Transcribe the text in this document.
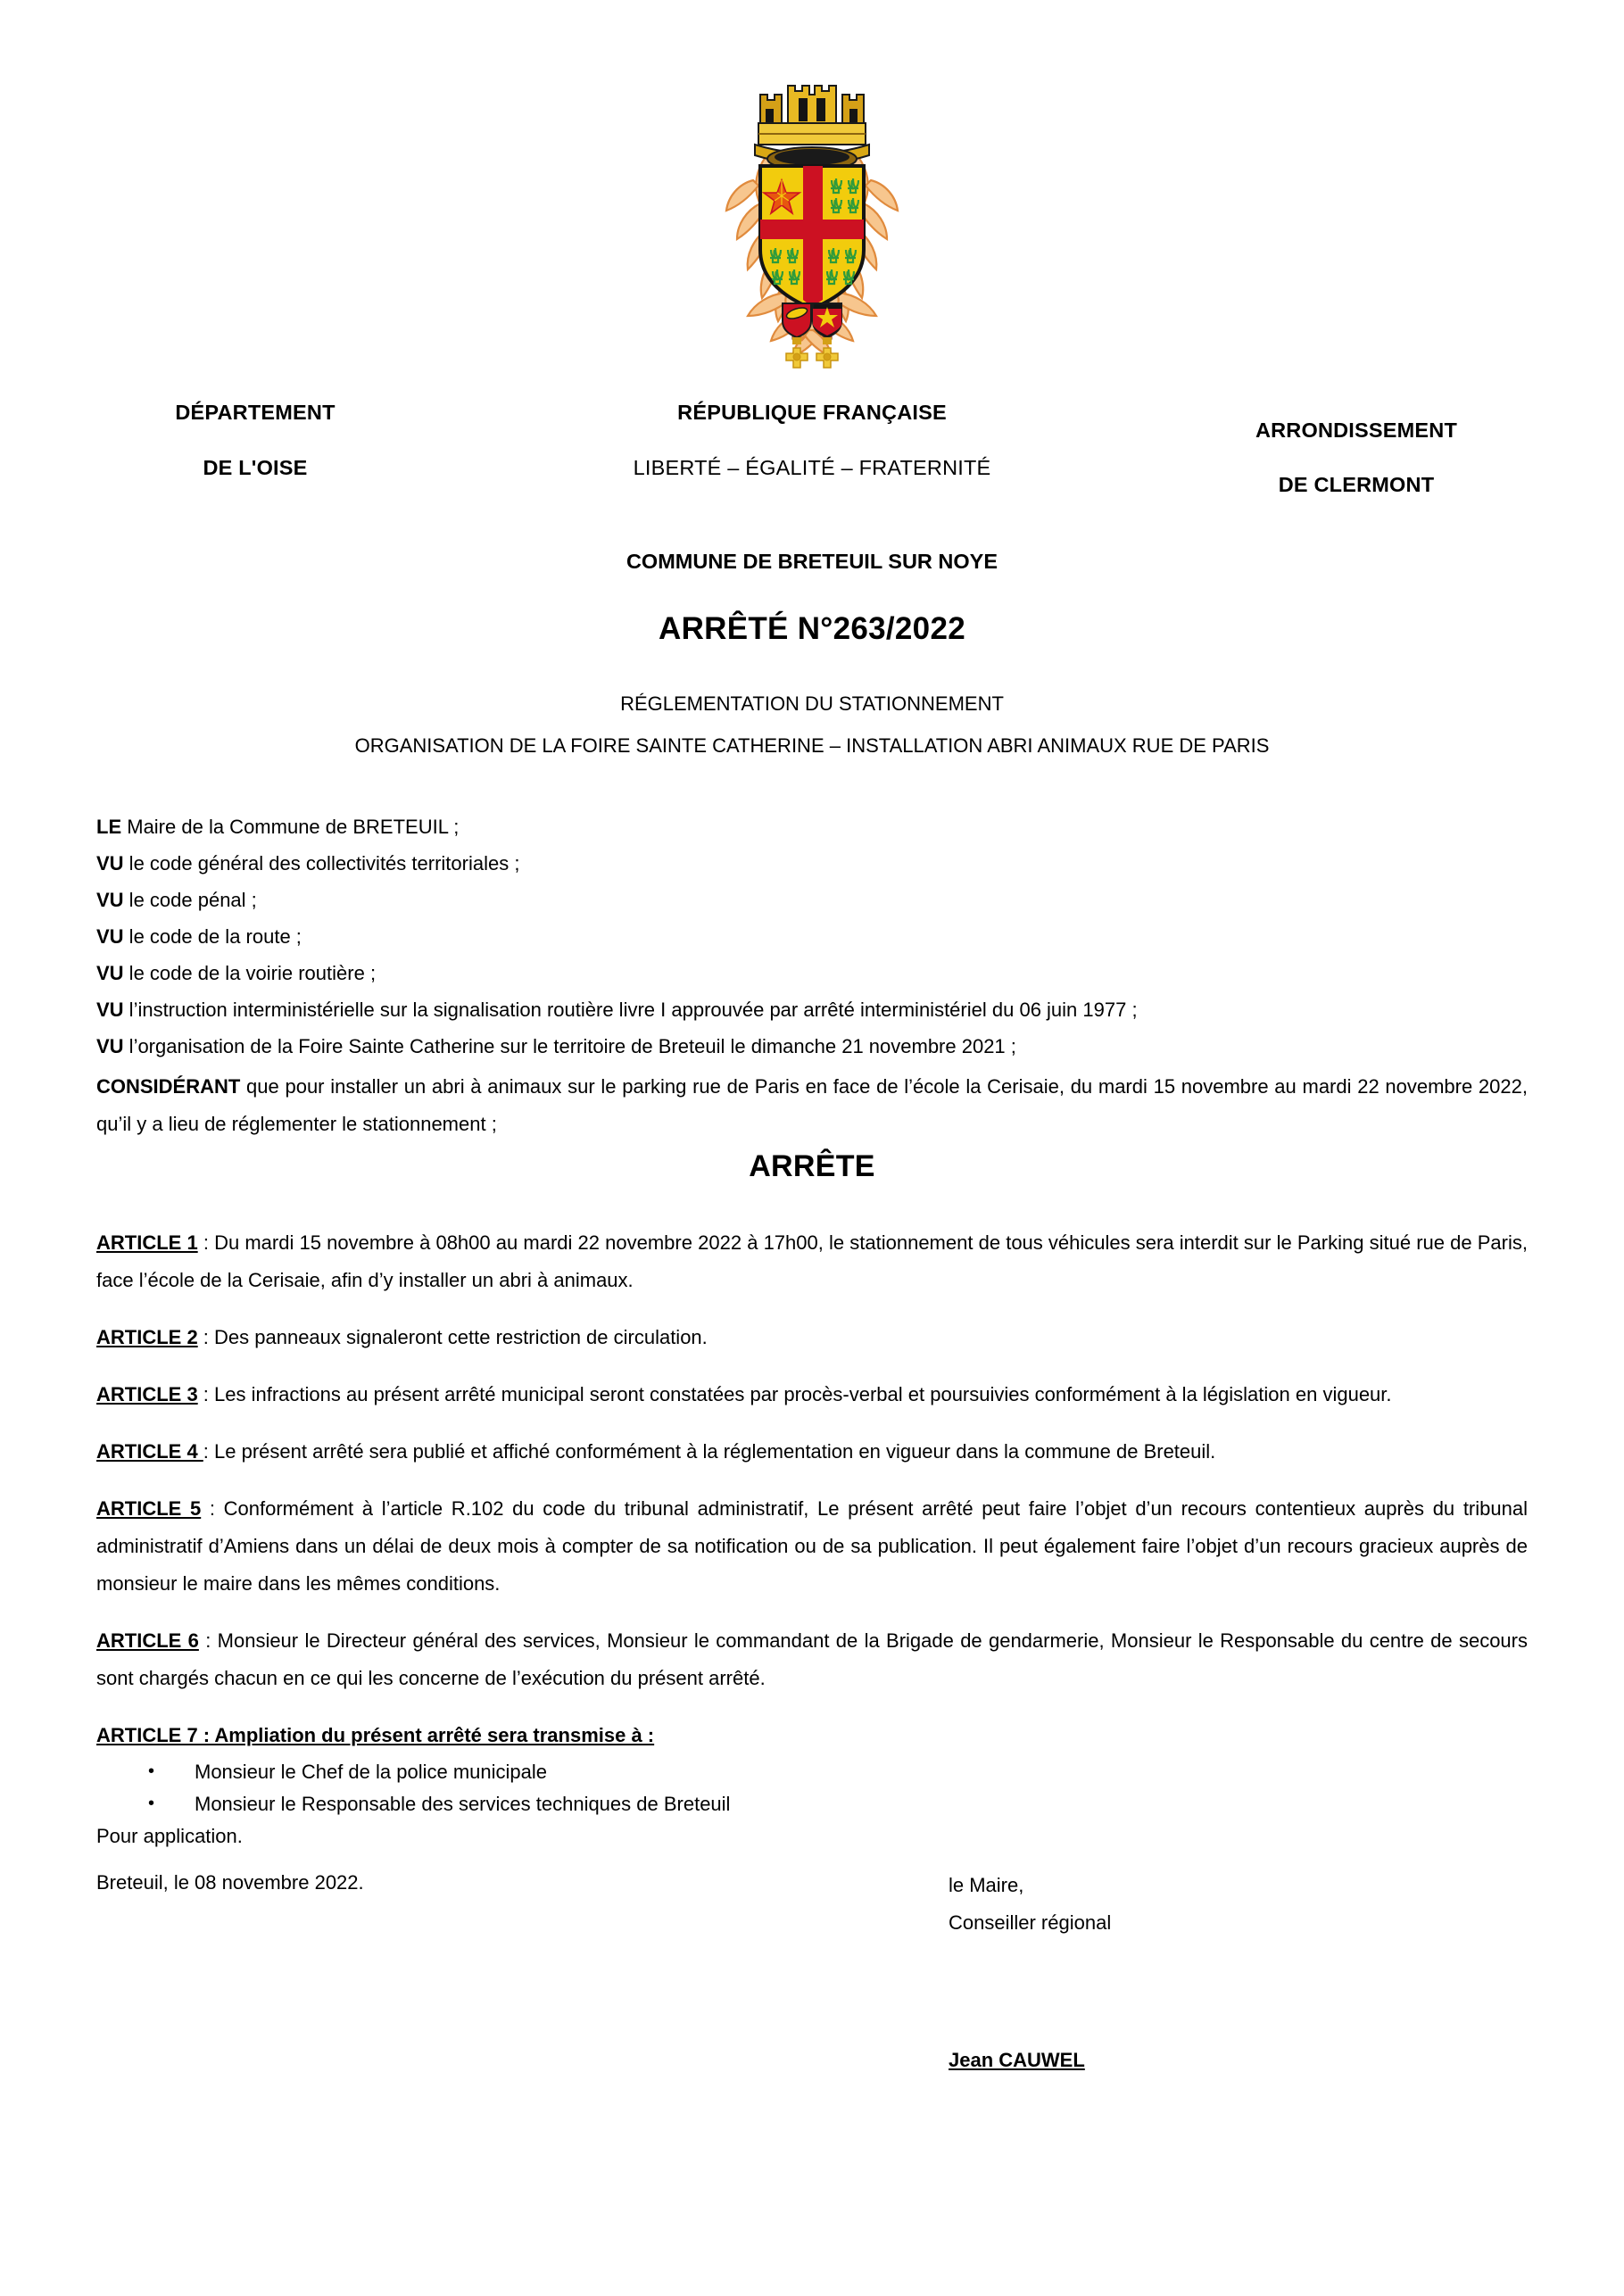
DÉPARTEMENT
DE L'OISE
RÉPUBLIQUE FRANÇAISE
LIBERTÉ – ÉGALITÉ – FRATERNITÉ
ARRONDISSEMENT
DE CLERMONT
COMMUNE DE BRETEUIL SUR NOYE
ARRÊTÉ N°263/2022
RÉGLEMENTATION DU STATIONNEMENT
ORGANISATION DE LA FOIRE SAINTE CATHERINE – INSTALLATION ABRI ANIMAUX RUE DE PARIS

LE Maire de la Commune de BRETEUIL ;

VU le code général des collectivités territoriales ;

VU le code pénal ;

VU le code de la route ;

VU le code de la voirie routière ;

VU l’instruction interministérielle sur la signalisation routière livre I approuvée par arrêté interministériel du 06 juin 1977 ;

VU l’organisation de la Foire Sainte Catherine sur le territoire de Breteuil le dimanche 21 novembre 2021 ;

CONSIDÉRANT que pour installer un abri à animaux sur le parking rue de Paris en face de l’école la Cerisaie, du mardi 15 novembre au mardi 22 novembre 2022, qu’il y a lieu de réglementer le stationnement ;

ARRÊTE

ARTICLE 1 : Du mardi 15 novembre à 08h00 au mardi 22 novembre 2022 à 17h00, le stationnement de tous véhicules sera interdit sur le Parking situé rue de Paris, face l’école de la Cerisaie, afin d’y installer un abri à animaux.

ARTICLE 2 : Des panneaux signaleront cette restriction de circulation.

ARTICLE 3 : Les infractions au présent arrêté municipal seront constatées par procès-verbal et poursuivies conformément à la législation en vigueur.

ARTICLE 4 : Le présent arrêté sera publié et affiché conformément à la réglementation en vigueur dans la commune de Breteuil.

ARTICLE 5 : Conformément à l’article R.102 du code du tribunal administratif, Le présent arrêté peut faire l’objet d’un recours contentieux auprès du tribunal administratif d’Amiens dans un délai de deux mois à compter de sa notification ou de sa publication. Il peut également faire l’objet d’un recours gracieux auprès de monsieur le maire dans les mêmes conditions.

ARTICLE 6 : Monsieur le Directeur général des services, Monsieur le commandant de la Brigade de gendarmerie, Monsieur le Responsable du centre de secours sont chargés chacun en ce qui les concerne de l’exécution du présent arrêté.

ARTICLE 7 : Ampliation du présent arrêté sera transmise à :

• Monsieur le Chef de la police municipale
• Monsieur le Responsable des services techniques de Breteuil

Pour application.

Breteuil, le 08 novembre 2022.	le Maire,
Conseiller régional
Jean CAUWEL
